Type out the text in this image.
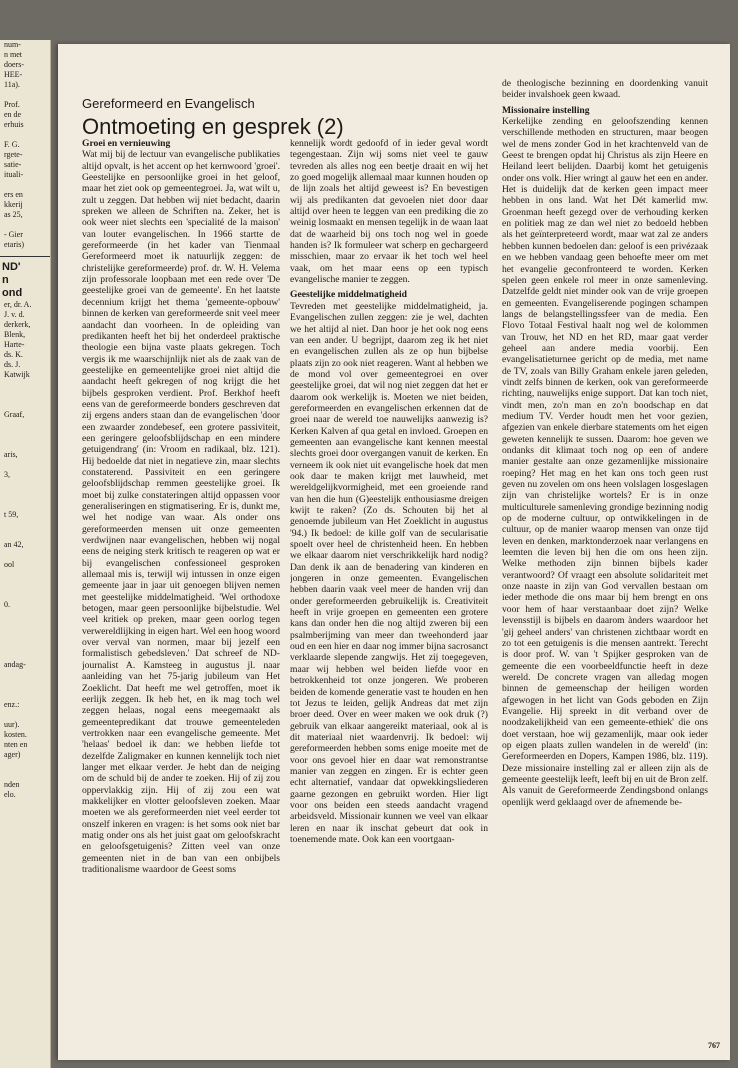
num-
n met
doers-
HEE-
11a).

Prof.
en de
erhuis

F. G.
rgete-
satie-
ituali-

ers en
kkerij
as 25,

- Gier
etaris)
ND'
n
ond
er, dr. A.
J. v. d.
derkerk,
Blenk,
Harte-
ds. K.
ds. J.
Katwijk

Graaf,

aris,

3,

t 59,

an 42,

ool

0.

andag-

enz.:

uur).
kosten.
nten en
ager)

nden
elo.

Gereformeerd en Evangelisch

Ontmoeting en gesprek (2)
Groei en vernieuwing

Wat mij bij de lectuur van evangelische publikaties altijd opvalt, is het accent op het kernwoord 'groei'. Geestelijke en persoonlijke groei in het geloof, maar het ziet ook op gemeentegroei. Ja, wat wilt u, zult u zeggen. Dat hebben wij niet bedacht, daarin spreken we alleen de Schriften na. Zeker, het is ook weer niet slechts een 'specialité de la maison' van louter evangelischen. In 1966 startte de gereformeerde (in het kader van Tienmaal Gereformeerd moet ik natuurlijk zeggen: de christelijke gereformeerde) prof. dr. W. H. Velema zijn professorale loopbaan met een rede over 'De geestelijke groei van de gemeente'. En het laatste decennium krijgt het thema 'gemeente-opbouw' binnen de kerken van gereformeerde snit veel meer aandacht dan voorheen. In de opleiding van predikanten heeft het bij het onderdeel praktische theologie een bijna vaste plaats gekregen. Toch vergis ik me waarschijnlijk niet als de zaak van de geestelijke en gemeentelijke groei niet altijd die aandacht heeft gekregen of nog krijgt die het bijbels gesproken verdient. Prof. Berkhof heeft eens van de gereformeerde bonders geschreven dat zij ergens anders staan dan de evangelischen 'door een zwaarder zondebesef, een grotere passiviteit, een geringere geloofsblijdschap en een mindere getuigendrang' (in: Vroom en radikaal, blz. 121). Hij bedoelde dat niet in negatieve zin, maar slechts constaterend. Passiviteit en een geringere geloofsblijdschap remmen geestelijke groei. Ik moet bij zulke constateringen altijd oppassen voor generaliseringen en stigmatisering. Er is, dunkt me, wel het nodige van waar. Als onder ons gereformeerden mensen uit onze gemeenten verdwijnen naar evangelischen, hebben wij nogal eens de neiging sterk kritisch te reageren op wat er bij evangelischen confessioneel gesproken allemaal mis is, terwijl wij intussen in onze eigen gemeente jaar in jaar uit genoegen blijven nemen met geestelijke middelmatigheid. 'Wel orthodoxe betogen, maar geen persoonlijke bijbelstudie. Wel veel kritiek op preken, maar geen oorlog tegen verwereldlijking in eigen hart. Wel een hoog woord over verval van normen, maar bij jezelf een formalistisch gebedsleven.' Dat schreef de ND-journalist A. Kamsteeg in augustus jl. naar aanleiding van het 75-jarig jubileum van Het Zoeklicht. Dat heeft me wel getroffen, moet ik eerlijk zeggen. Ik heb het, en ik mag toch wel zeggen helaas, nogal eens meegemaakt als gemeentepredikant dat trouwe gemeenteleden vertrokken naar een evangelische gemeente. Met 'helaas' bedoel ik dan: we hebben liefde tot dezelfde Zaligmaker en kunnen kennelijk toch niet langer met elkaar verder. Je hebt dan de neiging om de schuld bij de ander te zoeken. Hij of zij zou oppervlakkig zijn. Hij of zij zou een wat makkelijker en vlotter geloofsleven zoeken. Maar moeten we als gereformeerden niet veel eerder tot onszelf inkeren en vragen: is het soms ook niet bar matig onder ons als het juist gaat om geloofskracht en geloofsgetuigenis? Zitten veel van onze gemeenten niet in de ban van een onbijbels traditionalisme waardoor de Geest soms

kennelijk wordt gedoofd of in ieder geval wordt tegengestaan. Zijn wij soms niet veel te gauw tevreden als alles nog een beetje draait en wij het zo goed mogelijk allemaal maar kunnen houden op de lijn zoals het altijd geweest is? En bevestigen wij als predikanten dat gevoelen niet door daar altijd over heen te leggen van een prediking die zo weinig losmaakt en mensen tegelijk in de waan laat dat de waarheid bij ons toch nog wel in goede handen is? Ik formuleer wat scherp en gechargeerd misschien, maar zo ervaar ik het toch wel heel vaak, om het maar eens op een typisch evangelische manier te zeggen.

Geestelijke middelmatigheid

Tevreden met geestelijke middelmatigheid, ja. Evangelischen zullen zeggen: zie je wel, dachten we het altijd al niet. Dan hoor je het ook nog eens van een ander. U begrijpt, daarom zeg ik het niet en evangelischen zullen als ze op hun bijbelse plaats zijn zo ook niet reageren. Want al hebben we de mond vol over gemeentegroei en over geestelijke groei, dat wil nog niet zeggen dat het er daarom ook werkelijk is. Moeten we niet beiden, gereformeerden en evangelischen erkennen dat de groei naar de wereld toe nauwelijks aanwezig is? Kerken Kalven af qua getal en invloed. Groepen en gemeenten aan evangelische kant kennen meestal slechts groei door overgangen vanuit de kerken. En verneem ik ook niet uit evangelische hoek dat men ook daar te maken krijgt met lauwheid, met wereldgelijkvormigheid, met een groeiende rand van hen die hun (G)eestelijk enthousiasme dreigen kwijt te raken? (Zo ds. Schouten bij het al genoemde jubileum van Het Zoeklicht in augustus '94.) Ik bedoel: de kille golf van de secularisatie spoelt over heel de christenheid heen. En hebben we elkaar daarom niet verschrikkelijk hard nodig? Dan denk ik aan de benadering van kinderen en jongeren in onze gemeenten. Evangelischen hebben daarin vaak veel meer de handen vrij dan onder gereformeerden gebruikelijk is. Creativiteit heeft in vrije groepen en gemeenten een grotere kans dan onder hen die nog altijd zweren bij een psalmberijming van meer dan tweehonderd jaar oud en een hier en daar nog immer bijna sacrosanct verklaarde slepende zangwijs. Het zij toegegeven, maar wij hebben wel beiden liefde voor en betrokkenheid tot onze jongeren. We proberen beiden de komende generatie vast te houden en hen tot Jezus te leiden, gelijk Andreas dat met zijn broer deed. Over en weer maken we ook druk (?) gebruik van elkaar aangereikt materiaal, ook al is dit materiaal niet waardenvrij. Ik bedoel: wij gereformeerden hebben soms enige moeite met de voor ons gevoel hier en daar wat remonstrantse manier van zeggen en zingen. Er is echter geen echt alternatief, vandaar dat opwekkingsliederen gaarne gezongen en gebruikt worden. Hier ligt voor ons beiden een steeds aandacht vragend arbeidsveld. Missionair kunnen we veel van elkaar leren en naar ik inschat gebeurt dat ook in toenemende mate. Ook kan een voortgaan-

de theologische bezinning en doordenking vanuit beider invalshoek geen kwaad.

Missionaire instelling

Kerkelijke zending en geloofszending kennen verschillende methoden en structuren, maar beogen wel de mens zonder God in het krachtenveld van de Geest te brengen opdat hij Christus als zijn Heere en Heiland leert belijden. Daarbij komt het getuigenis onder ons volk. Hier wringt al gauw het een en ander. Het is duidelijk dat de kerken geen impact meer hebben in ons land. Wat het Dét kamerlid mw. Groenman heeft gezegd over de verhouding kerken en politiek mag ze dan wel niet zo bedoeld hebben als het geïnterpreteerd wordt, maar wat zal ze anders hebben kunnen bedoelen dan: geloof is een privézaak en we hebben vandaag geen behoefte meer om met het evangelie geconfronteerd te worden. Kerken spelen geen enkele rol meer in onze samenleving. Datzelfde geldt niet minder ook van de vrije groepen en gemeenten. Evangeliserende pogingen schampen langs de belangstellingssfeer van de media. Een Flovo Totaal Festival haalt nog wel de kolommen van Trouw, het ND en het RD, maar gaat verder geheel aan andere media voorbij. Een evangelisatieturnee gericht op de media, met name de TV, zoals van Billy Graham enkele jaren geleden, vindt zelfs binnen de kerken, ook van gereformeerde richting, nauwelijks enige support. Dat kan toch niet, vindt men, zo'n man en zo'n boodschap en dat medium TV. Verder houdt men het voor gezien, afgezien van enkele dierbare statements om het eigen geweten kennelijk te sussen. Daarom: hoe geven we ondanks dit klimaat toch nog op een of andere manier gestalte aan onze gezamenlijke missionaire roeping? Het mag en het kan ons toch geen rust geven nu zovelen om ons heen volslagen losgeslagen zijn van christelijke wortels? Er is in onze multiculturele samenleving grondige bezinning nodig op de moderne cultuur, op ontwikkelingen in de cultuur, op de manier waarop mensen van onze tijd leven en denken, marktonderzoek naar verlangens en leemten die leven bij hen die om ons heen zijn. Welke methoden zijn binnen bijbels kader verantwoord? Of vraagt een absolute solidariteit met onze naaste in zijn van God vervallen bestaan om ieder methode die ons maar bij hem brengt en ons voor hem of haar verstaanbaar doet zijn? Welke levensstijl is bijbels en daarom ànders waardoor het 'gij geheel anders' van christenen zichtbaar wordt en zo tot een getuigenis is die mensen aantrekt. Terecht is door prof. W. van 't Spijker gesproken van de gemeente die een voorbeeldfunctie heeft in deze wereld. De concrete vragen van alledag mogen binnen de gemeenschap der heiligen worden afgewogen in het licht van Gods geboden en Zijn Evangelie. Hij spreekt in dit verband over de noodzakelijkheid van een gemeente-ethiek' die ons doet verstaan, hoe wij gezamenlijk, maar ook ieder op eigen plaats zullen wandelen in de wereld' (in: Gereformeerden en Dopers, Kampen 1986, blz. 119). Deze missionaire instelling zal er alleen zijn als de gemeente geestelijk leeft, leeft bij en uit de Bron zelf. Als vanuit de Gereformeerde Zendingsbond onlangs openlijk werd geklaagd over de afnemende be-

767
